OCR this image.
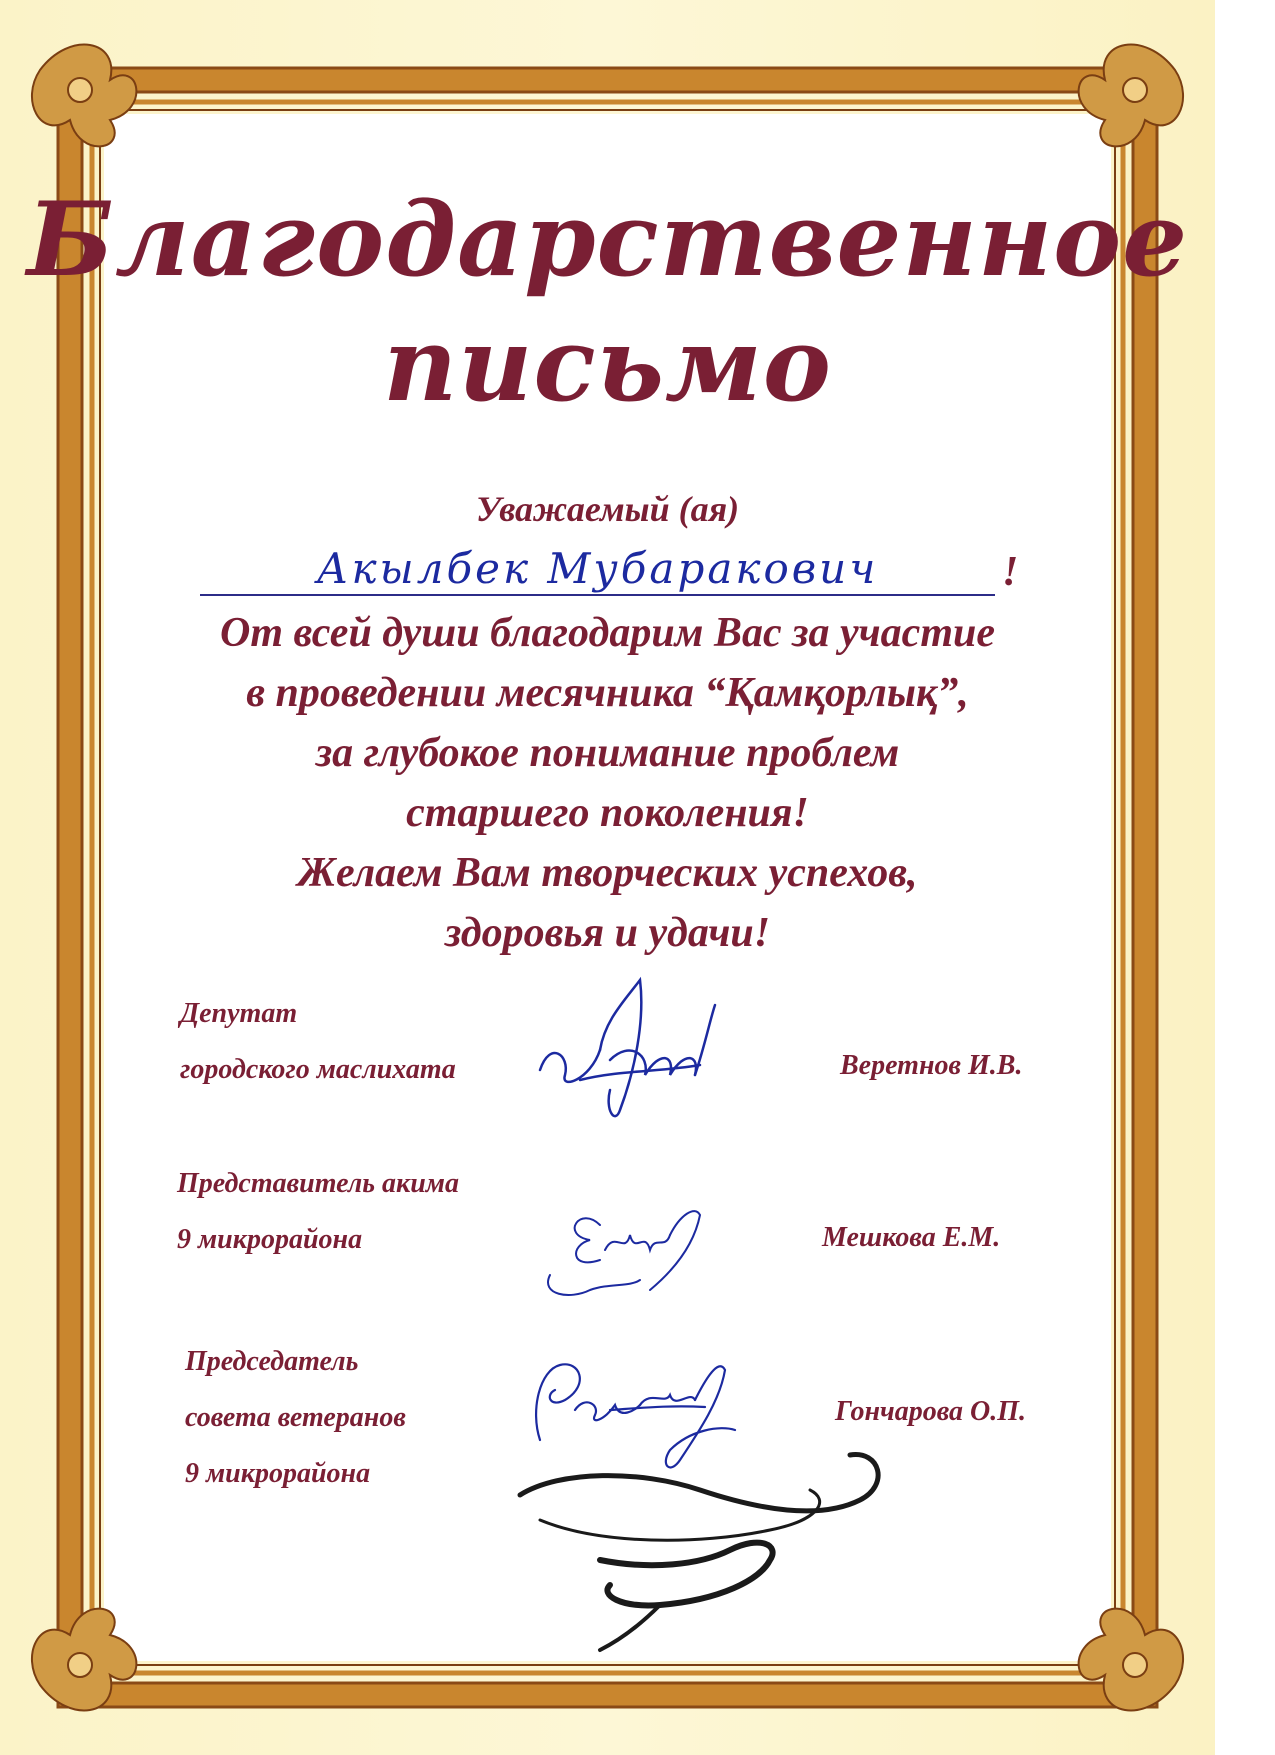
Благодарственное
письмо
Уважаемый (ая)
Акылбек Мубаракович	!
От всей души благодарим Вас за участие
в проведении месячника “Қамқорлық”,
за глубокое понимание проблем
старшего поколения!
Желаем Вам творческих успехов,
здоровья и удачи!
Депутат
городского маслихата	Веретнов И.В.
Представитель акима
9 микрорайона	Мешкова Е.М.
Председатель
совета ветеранов
9 микрорайона
Гончарова О.П.
